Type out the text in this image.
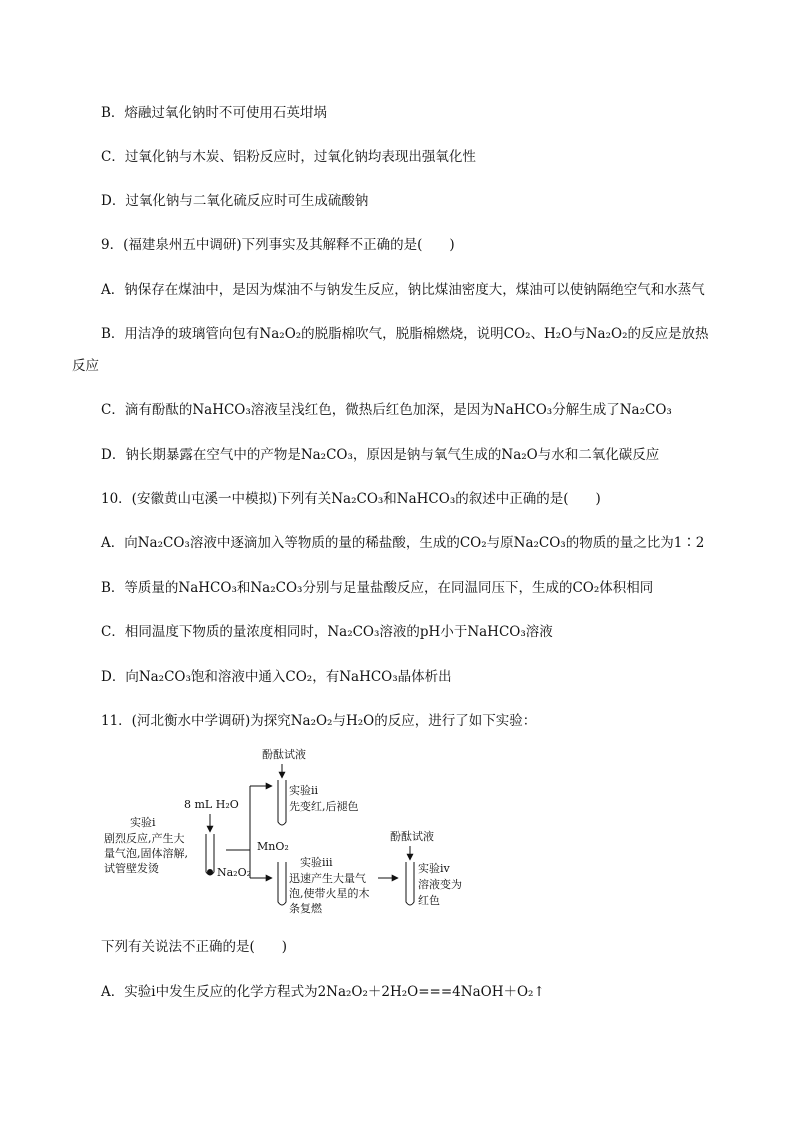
B．熔融过氧化钠时不可使用石英坩埚
C．过氧化钠与木炭、铝粉反应时，过氧化钠均表现出强氧化性
D．过氧化钠与二氧化硫反应时可生成硫酸钠
9．(福建泉州五中调研)下列事实及其解释不正确的是(　　)
A．钠保存在煤油中，是因为煤油不与钠发生反应，钠比煤油密度大，煤油可以使钠隔绝空气和水蒸气
B．用洁净的玻璃管向包有Na₂O₂的脱脂棉吹气，脱脂棉燃烧，说明CO₂、H₂O与Na₂O₂的反应是放热
反应
C．滴有酚酞的NaHCO₃溶液呈浅红色，微热后红色加深，是因为NaHCO₃分解生成了Na₂CO₃
D．钠长期暴露在空气中的产物是Na₂CO₃，原因是钠与氧气生成的Na₂O与水和二氧化碳反应
10．(安徽黄山屯溪一中模拟)下列有关Na₂CO₃和NaHCO₃的叙述中正确的是(　　)
A．向Na₂CO₃溶液中逐滴加入等物质的量的稀盐酸，生成的CO₂与原Na₂CO₃的物质的量之比为1∶2
B．等质量的NaHCO₃和Na₂CO₃分别与足量盐酸反应，在同温同压下，生成的CO₂体积相同
C．相同温度下物质的量浓度相同时，Na₂CO₃溶液的pH小于NaHCO₃溶液
D．向Na₂CO₃饱和溶液中通入CO₂，有NaHCO₃晶体析出
11．(河北衡水中学调研)为探究Na₂O₂与H₂O的反应，进行了如下实验：
8 mL H₂O
实验ⅰ
剧烈反应,产生大
量气泡,固体溶解,
试管壁发烫	Na₂O₂
酚酞试液
实验ⅱ
先变红,后褪色
MnO₂
实验ⅲ
迅速产生大量气
泡,使带火星的木
条复燃
酚酞试液
实验ⅳ
溶液变为
红色
下列有关说法不正确的是(　　)
A．实验ⅰ中发生反应的化学方程式为2Na₂O₂＋2H₂O===4NaOH＋O₂↑
